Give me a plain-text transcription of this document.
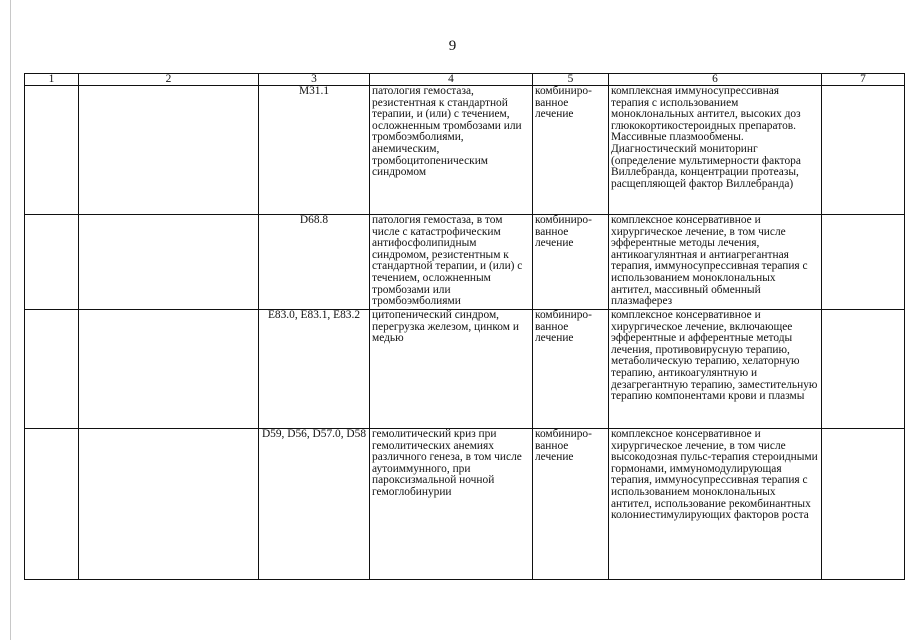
9
1	2	3	4	5	6	7
		M31.1	патология гемостаза, резистентная к стандартной терапии, и (или) с течением, осложненным тромбозами или тромбоэмболиями, анемическим, тромбоцитопеническим синдромом	комбиниро-ванное лечение	комплексная иммуносупрессивная терапия с использованием моноклональных антител, высоких доз глюкокортикостероидных препаратов. Массивные плазмообмены. Диагностический мониторинг (определение мультимерности фактора Виллебранда, концентрации протеазы, расщепляющей фактор Виллебранда)	
		D68.8	патология гемостаза, в том числе с катастрофическим антифосфолипидным синдромом, резистентным к стандартной терапии, и (или) с течением, осложненным тромбозами или тромбоэмболиями	комбиниро-ванное лечение	комплексное консервативное и хирургическое лечение, в том числе эфферентные методы лечения, антикоагулянтная и антиагрегантная терапия, иммуносупрессивная терапия с использованием моноклональных антител, массивный обменный плазмаферез	
		E83.0, E83.1, E83.2	цитопенический синдром, перегрузка железом, цинком и медью	комбиниро-ванное лечение	комплексное консервативное и хирургическое лечение, включающее эфферентные и афферентные методы лечения, противовирусную терапию, метаболическую терапию, хелаторную терапию, антикоагулянтную и дезагрегантную терапию, заместительную терапию компонентами крови и плазмы	
		D59, D56, D57.0, D58	гемолитический криз при гемолитических анемиях различного генеза, в том числе аутоиммунного, при пароксизмальной ночной гемоглобинурии	комбиниро-ванное лечение	комплексное консервативное и хирургическое лечение, в том числе высокодозная пульс-терапия стероидными гормонами, иммуномодулирующая терапия, иммуносупрессивная терапия с использованием моноклональных антител, использование рекомбинантных колониестимулирующих факторов роста	
